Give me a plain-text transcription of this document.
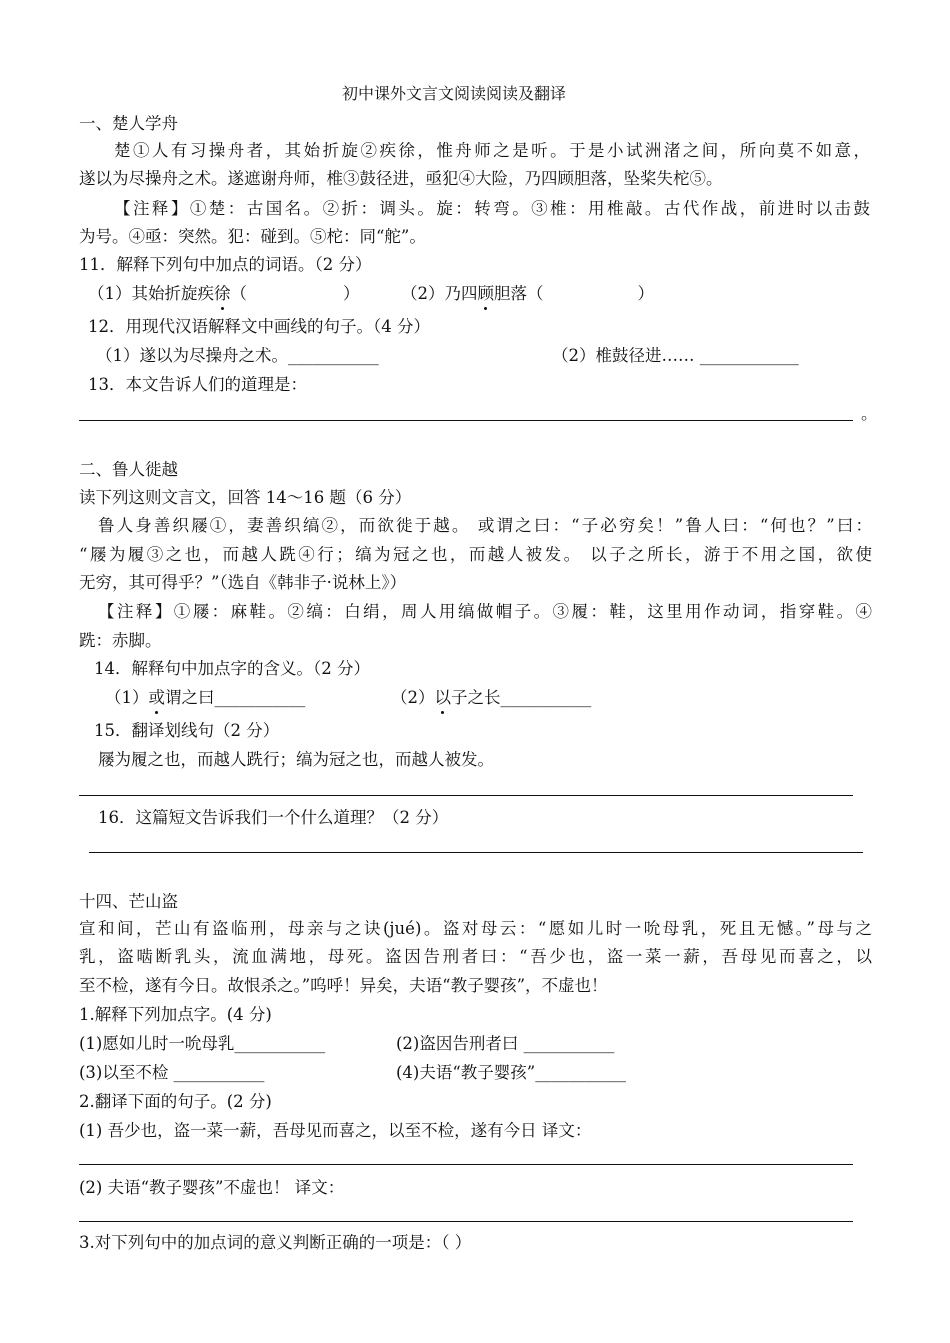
初中课外文言文阅读阅读及翻译
一、楚人学舟
楚①人有习操舟者，其始折旋②疾徐，惟舟师之是听。于是小试洲渚之间，所向莫不如意，
遂以为尽操舟之术。遂遮谢舟师，椎③鼓径进，亟犯④大险，乃四顾胆落，坠桨失柁⑤。
【注释】①楚：古国名。②折：调头。旋：转弯。③椎：用椎敲。古代作战，前进时以击鼓
为号。④亟：突然。犯：碰到。⑤柁：同“舵”。
11．解释下列句中加点的词语。（2 分）
（1）其始折旋疾徐（	）	（2）乃四顾胆落（	）
12．用现代汉语解释文中画线的句子。（4 分）
（1）遂以为尽操舟之术。___________	（2）椎鼓径进…… ____________
13．本文告诉人们的道理是：
。
二、鲁人徙越
读下列这则文言文，回答 14～16 题（6 分）
鲁人身善织屦①，妻善织缟②，而欲徙于越。 或谓之曰：“子必穷矣！”鲁人曰：“何也？”曰：
“屦为履③之也，而越人跣④行；缟为冠之也，而越人被发。 以子之所长，游于不用之国，欲使
无穷，其可得乎？”（选自《韩非子·说林上》）
【注释】①屦：麻鞋。②缟：白绢，周人用缟做帽子。③履：鞋，这里用作动词，指穿鞋。④
跣：赤脚。
14．解释句中加点字的含义。（2 分）
（1）或谓之曰___________	（2）以子之长___________
15．翻译划线句（2 分）
屦为履之也，而越人跣行；缟为冠之也，而越人被发。
16．这篇短文告诉我们一个什么道理？（2 分）
十四、芒山盗
宣和间，芒山有盗临刑，母亲与之诀(jué)。盗对母云：“愿如儿时一吮母乳，死且无憾。”母与之
乳，盗啮断乳头，流血满地，母死。盗因告刑者曰：“吾少也，盗一菜一薪，吾母见而喜之，以
至不检，遂有今日。故恨杀之。”呜呼！异矣，夫语“教子婴孩”，不虚也！
1.解释下列加点字。(4 分)
(1)愿如儿时一吮母乳___________	(2)盗因告刑者曰 ___________
(3)以至不检 ___________	(4)夫语“教子婴孩”___________
2.翻译下面的句子。(2 分)
(1) 吾少也，盗一菜一薪，吾母见而喜之，以至不检，遂有今日 译文：
(2) 夫语“教子婴孩”不虚也！ 译文：
3.对下列句中的加点词的意义判断正确的一项是：（ ）
